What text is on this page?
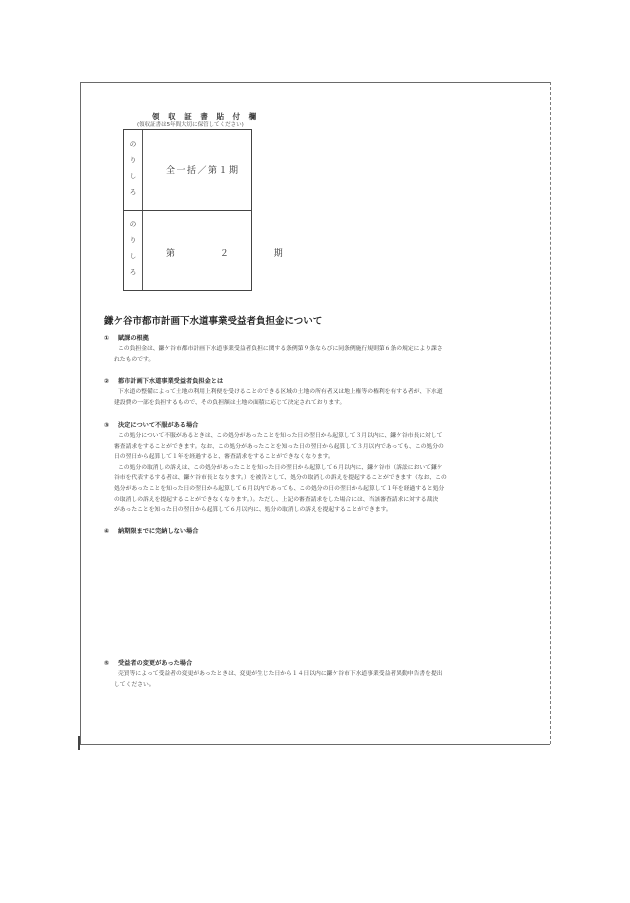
領 収 証 書 貼 付 欄
(領収証書は5年間大切に保管してください)
の
り
し
ろ
の
り
し
ろ
全一括／第１期
第	２	期
鎌ケ谷市都市計画下水道事業受益者負担金について
① 賦課の根拠

この負担金は、鎌ケ谷市都市計画下水道事業受益者負担に関する条例第９条ならびに同条例施行規則第６条の規定により課さ

れたものです。

② 都市計画下水道事業受益者負担金とは

下水道の整備によって土地の利用上利便を受けることのできる区域の土地の所有者又は地上権等の権利を有する者が、下水道

建設費の一部を負担するもので、その負担額は土地の面積に応じて決定されております。

③ 決定について不服がある場合

この処分について不服があるときは、この処分があったことを知った日の翌日から起算して３月以内に、鎌ケ谷市長に対して

審査請求をすることができます。なお、この処分があったことを知った日の翌日から起算して３月以内であっても、この処分の

日の翌日から起算して１年を経過すると、審査請求をすることができなくなります。

この処分の取消しの訴えは、この処分があったことを知った日の翌日から起算して６月以内に、鎌ケ谷市（訴訟において鎌ケ

谷市を代表するする者は、鎌ケ谷市長となります。）を被告として、処分の取消しの訴えを提起することができます（なお、この

処分があったことを知った日の翌日から起算して６月以内であっても、この処分の日の翌日から起算して１年を経過すると処分

の取消しの訴えを提起することができなくなります。）。ただし、上記の審査請求をした場合には、当該審査請求に対する裁決

があったことを知った日の翌日から起算して６月以内に、処分の取消しの訴えを提起することができます。

④ 納期限までに完納しない場合
⑤ 受益者の変更があった場合

売買等によって受益者の変更があったときは、変更が生じた日から１４日以内に鎌ケ谷市下水道事業受益者異動申告書を提出

してください。
